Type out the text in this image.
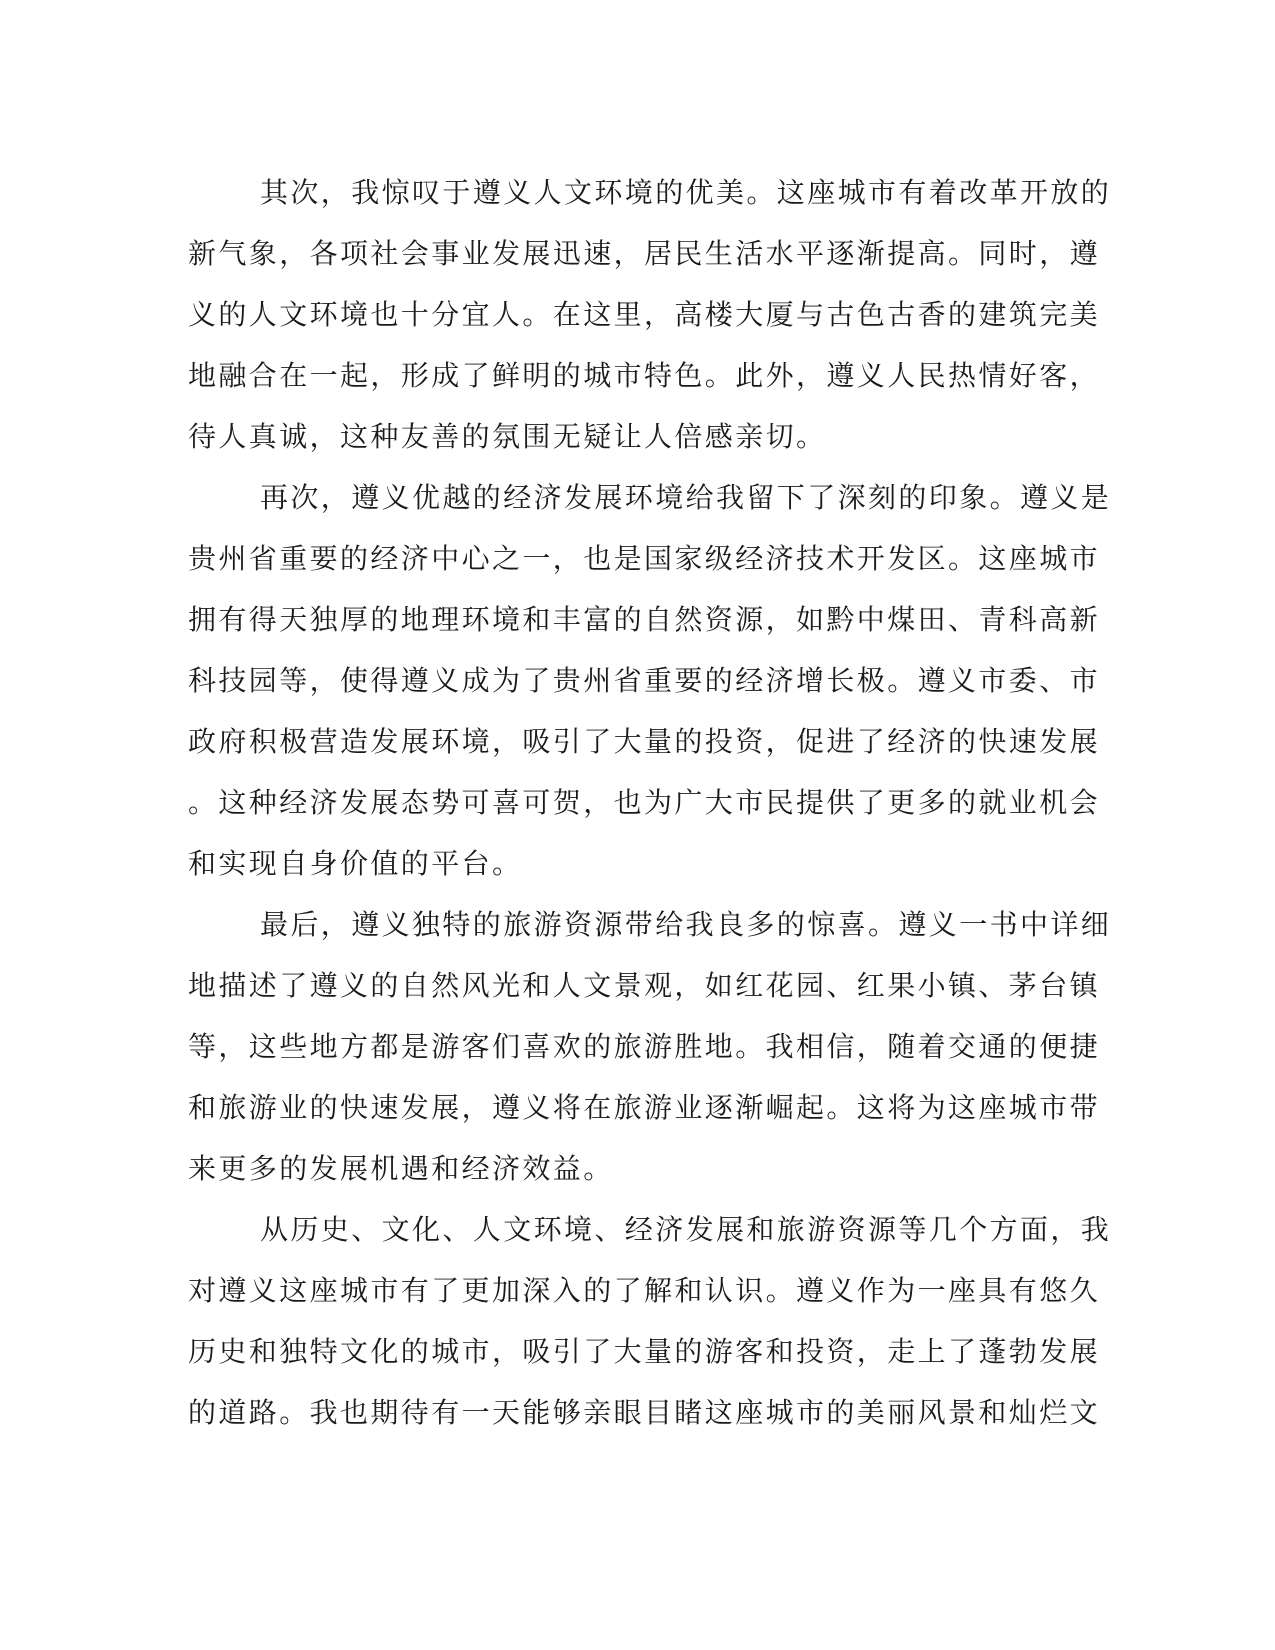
其次，我惊叹于遵义人文环境的优美。这座城市有着改革开放的
新气象，各项社会事业发展迅速，居民生活水平逐渐提高。同时，遵
义的人文环境也十分宜人。在这里，高楼大厦与古色古香的建筑完美
地融合在一起，形成了鲜明的城市特色。此外，遵义人民热情好客，
待人真诚，这种友善的氛围无疑让人倍感亲切。
再次，遵义优越的经济发展环境给我留下了深刻的印象。遵义是
贵州省重要的经济中心之一，也是国家级经济技术开发区。这座城市
拥有得天独厚的地理环境和丰富的自然资源，如黔中煤田、青科高新
科技园等，使得遵义成为了贵州省重要的经济增长极。遵义市委、市
政府积极营造发展环境，吸引了大量的投资，促进了经济的快速发展
。这种经济发展态势可喜可贺，也为广大市民提供了更多的就业机会
和实现自身价值的平台。
最后，遵义独特的旅游资源带给我良多的惊喜。遵义一书中详细
地描述了遵义的自然风光和人文景观，如红花园、红果小镇、茅台镇
等，这些地方都是游客们喜欢的旅游胜地。我相信，随着交通的便捷
和旅游业的快速发展，遵义将在旅游业逐渐崛起。这将为这座城市带
来更多的发展机遇和经济效益。
从历史、文化、人文环境、经济发展和旅游资源等几个方面，我
对遵义这座城市有了更加深入的了解和认识。遵义作为一座具有悠久
历史和独特文化的城市，吸引了大量的游客和投资，走上了蓬勃发展
的道路。我也期待有一天能够亲眼目睹这座城市的美丽风景和灿烂文
